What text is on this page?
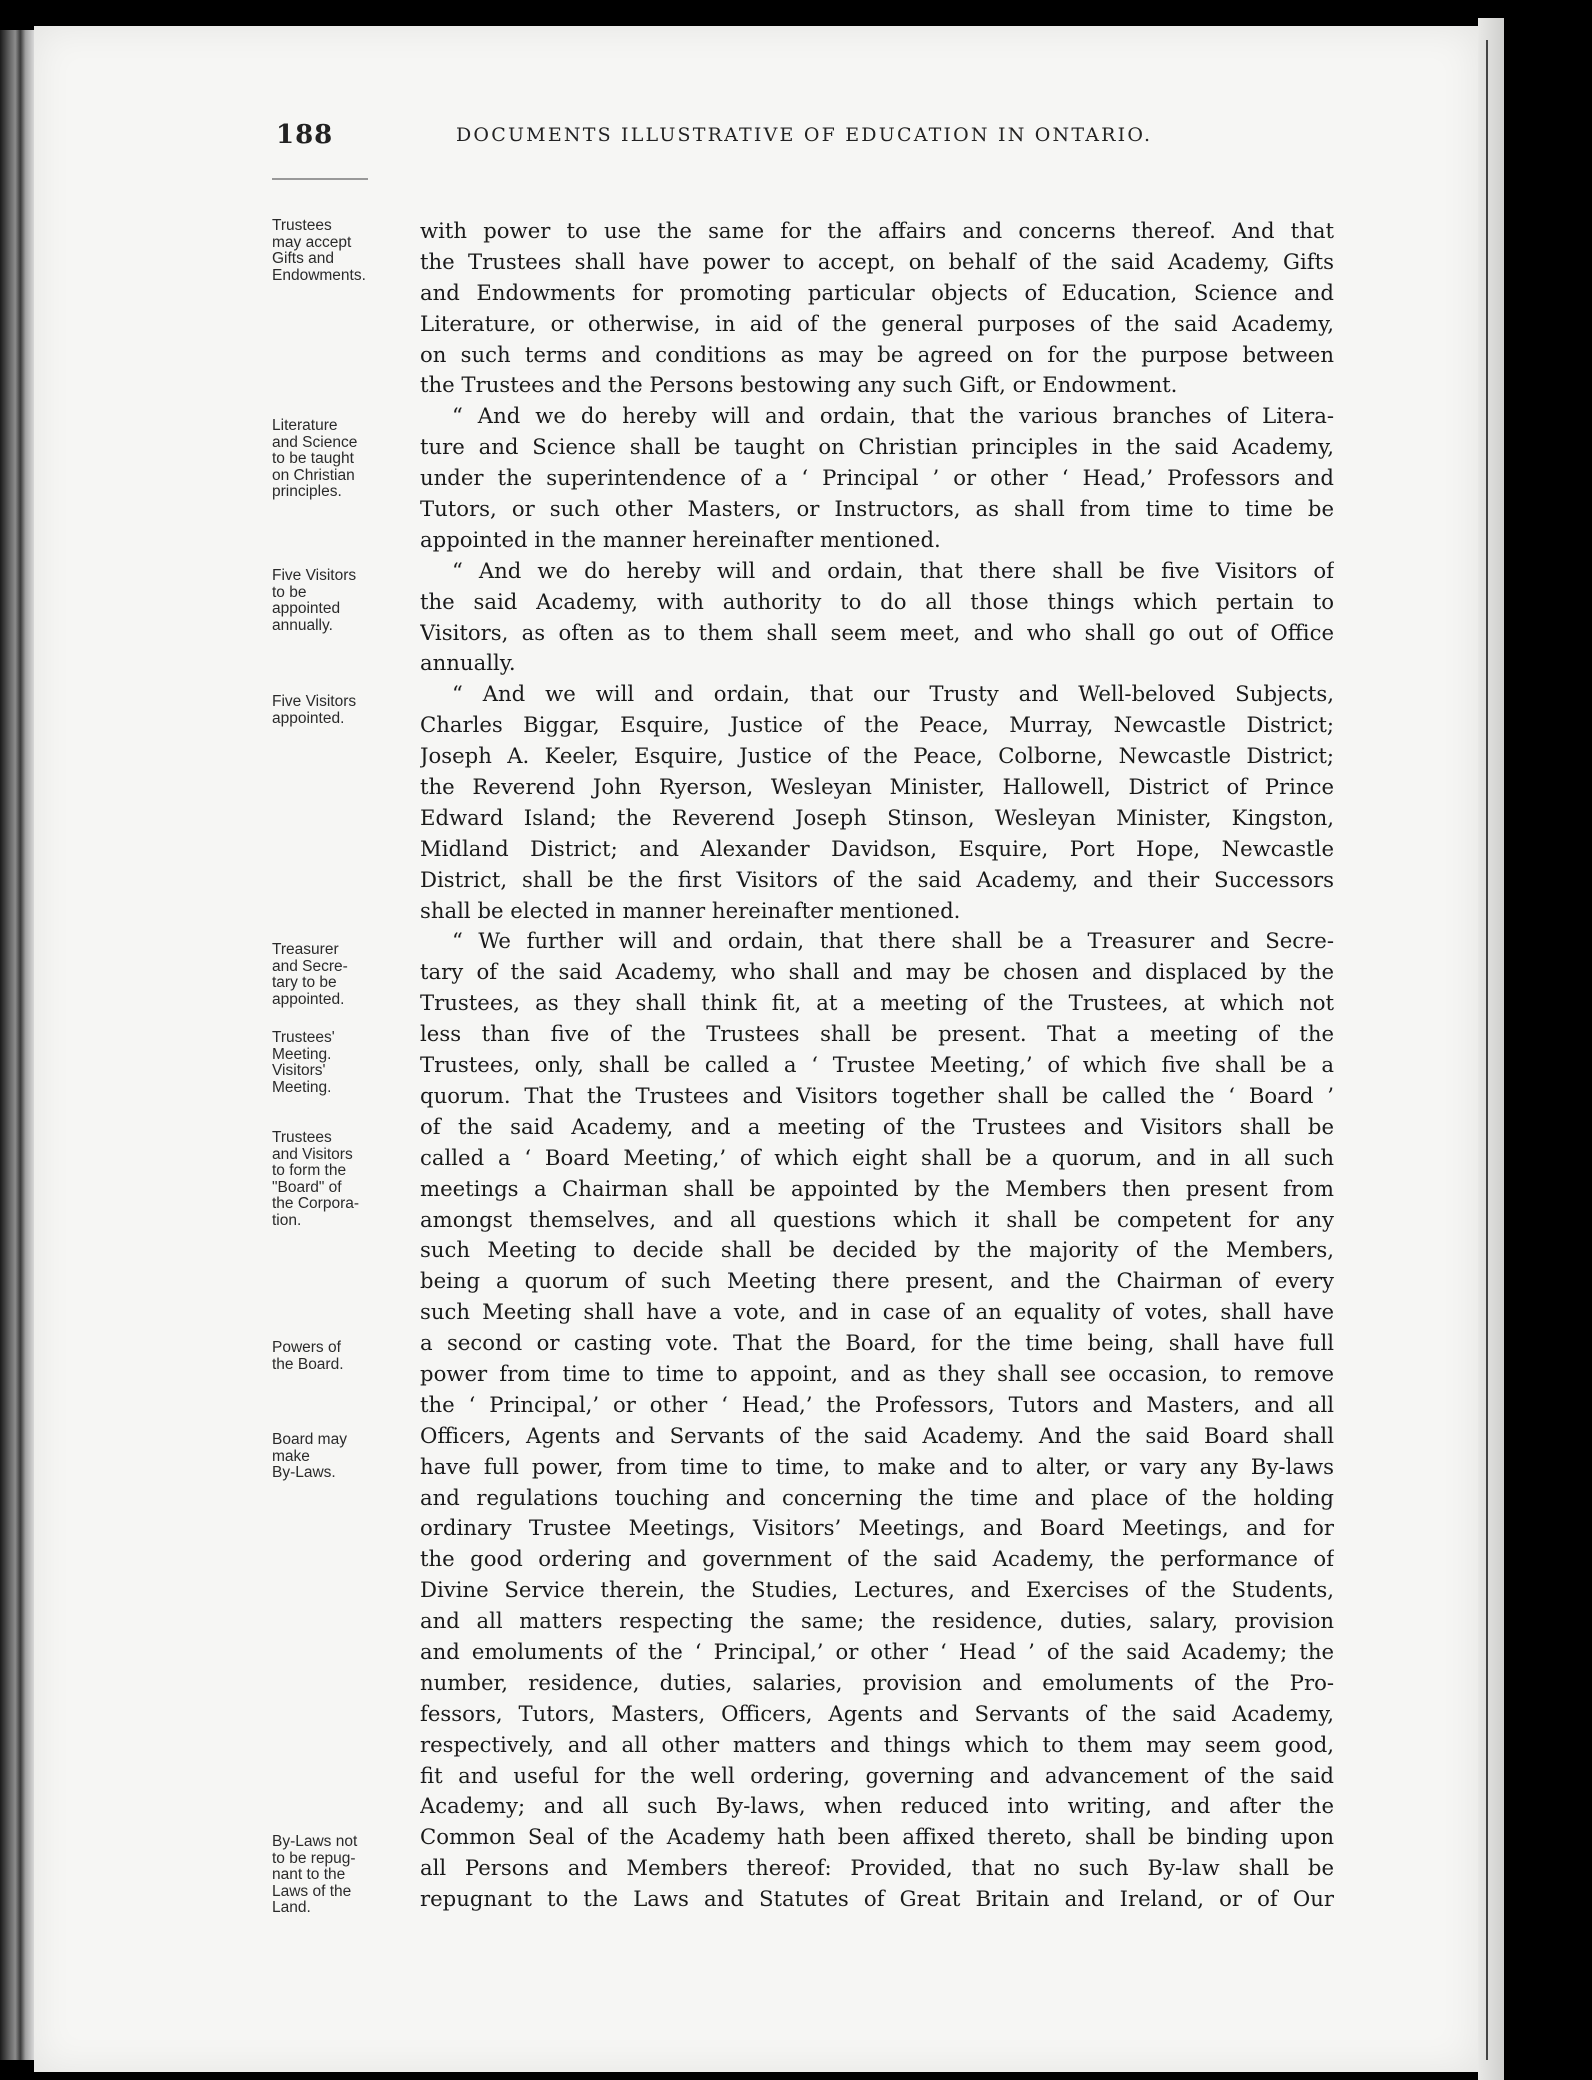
188	DOCUMENTS ILLUSTRATIVE OF EDUCATION IN ONTARIO.
Trustees
may accept
Gifts and
Endowments.
Literature
and Science
to be taught
on Christian
principles.
Five Visitors
to be
appointed
annually.
Five Visitors
appointed.
Treasurer
and Secre-
tary to be
appointed.
Trustees'
Meeting.
Visitors'
Meeting.
Trustees
and Visitors
to form the
"Board" of
the Corpora-
tion.
Powers of
the Board.
Board may
make
By-Laws.
By-Laws not
to be repug-
nant to the
Laws of the
Land.
with power to use the same for the affairs and concerns thereof. And that
the Trustees shall have power to accept, on behalf of the said Academy, Gifts
and Endowments for promoting particular objects of Education, Science and
Literature, or otherwise, in aid of the general purposes of the said Academy,
on such terms and conditions as may be agreed on for the purpose between
the Trustees and the Persons bestowing any such Gift, or Endowment.
“ And we do hereby will and ordain, that the various branches of Litera-
ture and Science shall be taught on Christian principles in the said Academy,
under the superintendence of a ‘ Principal ’ or other ‘ Head,’ Professors and
Tutors, or such other Masters, or Instructors, as shall from time to time be
appointed in the manner hereinafter mentioned.
“ And we do hereby will and ordain, that there shall be five Visitors of
the said Academy, with authority to do all those things which pertain to
Visitors, as often as to them shall seem meet, and who shall go out of Office
annually.
“ And we will and ordain, that our Trusty and Well-beloved Subjects,
Charles Biggar, Esquire, Justice of the Peace, Murray, Newcastle District;
Joseph A. Keeler, Esquire, Justice of the Peace, Colborne, Newcastle District;
the Reverend John Ryerson, Wesleyan Minister, Hallowell, District of Prince
Edward Island; the Reverend Joseph Stinson, Wesleyan Minister, Kingston,
Midland District; and Alexander Davidson, Esquire, Port Hope, Newcastle
District, shall be the first Visitors of the said Academy, and their Successors
shall be elected in manner hereinafter mentioned.
“ We further will and ordain, that there shall be a Treasurer and Secre-
tary of the said Academy, who shall and may be chosen and displaced by the
Trustees, as they shall think fit, at a meeting of the Trustees, at which not
less than five of the Trustees shall be present. That a meeting of the
Trustees, only, shall be called a ‘ Trustee Meeting,’ of which five shall be a
quorum. That the Trustees and Visitors together shall be called the ‘ Board ’
of the said Academy, and a meeting of the Trustees and Visitors shall be
called a ‘ Board Meeting,’ of which eight shall be a quorum, and in all such
meetings a Chairman shall be appointed by the Members then present from
amongst themselves, and all questions which it shall be competent for any
such Meeting to decide shall be decided by the majority of the Members,
being a quorum of such Meeting there present, and the Chairman of every
such Meeting shall have a vote, and in case of an equality of votes, shall have
a second or casting vote. That the Board, for the time being, shall have full
power from time to time to appoint, and as they shall see occasion, to remove
the ‘ Principal,’ or other ‘ Head,’ the Professors, Tutors and Masters, and all
Officers, Agents and Servants of the said Academy. And the said Board shall
have full power, from time to time, to make and to alter, or vary any By-laws
and regulations touching and concerning the time and place of the holding
ordinary Trustee Meetings, Visitors’ Meetings, and Board Meetings, and for
the good ordering and government of the said Academy, the performance of
Divine Service therein, the Studies, Lectures, and Exercises of the Students,
and all matters respecting the same; the residence, duties, salary, provision
and emoluments of the ‘ Principal,’ or other ‘ Head ’ of the said Academy; the
number, residence, duties, salaries, provision and emoluments of the Pro-
fessors, Tutors, Masters, Officers, Agents and Servants of the said Academy,
respectively, and all other matters and things which to them may seem good,
fit and useful for the well ordering, governing and advancement of the said
Academy; and all such By-laws, when reduced into writing, and after the
Common Seal of the Academy hath been affixed thereto, shall be binding upon
all Persons and Members thereof: Provided, that no such By-law shall be
repugnant to the Laws and Statutes of Great Britain and Ireland, or of Our
